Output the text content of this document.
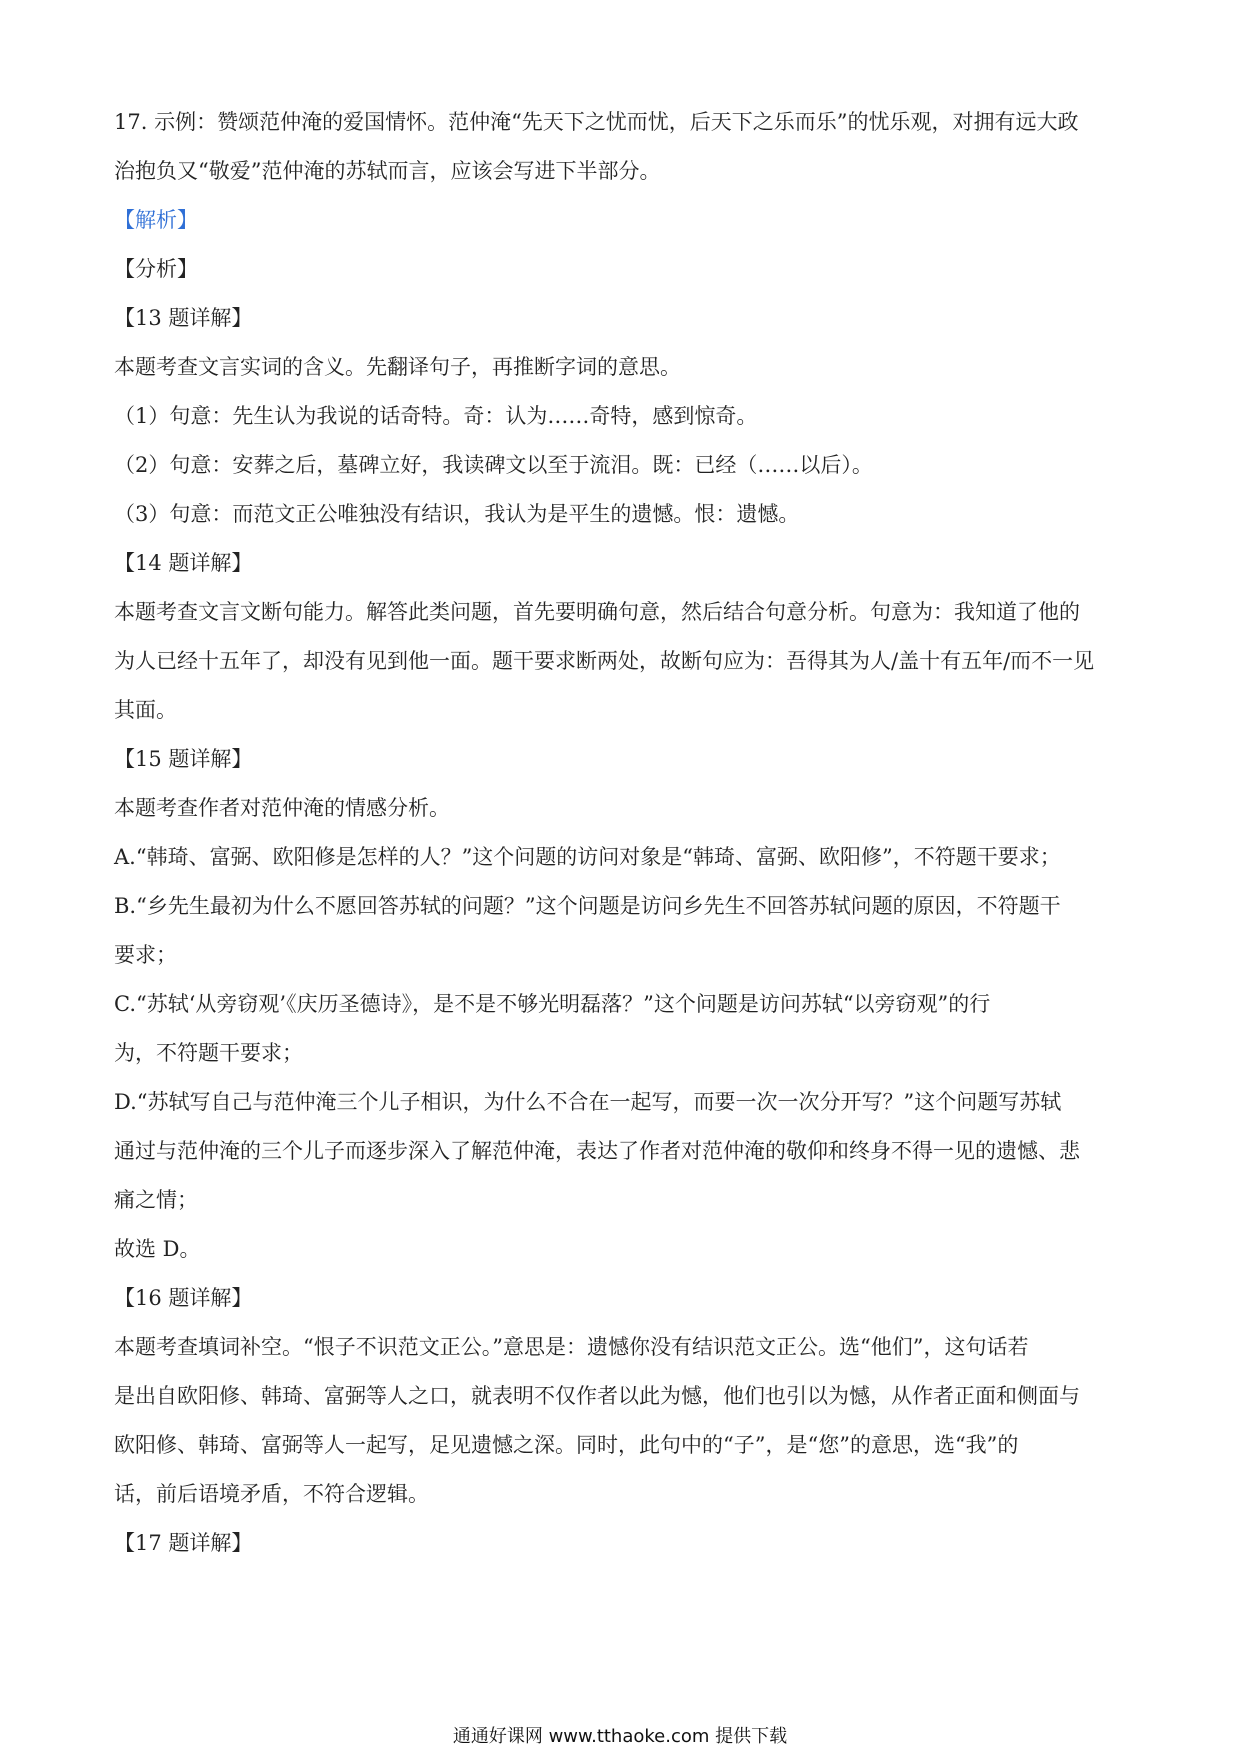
17. 示例：赞颂范仲淹的爱国情怀。范仲淹“先天下之忧而忧，后天下之乐而乐”的忧乐观，对拥有远大政
治抱负又“敬爱”范仲淹的苏轼而言，应该会写进下半部分。
【解析】
【分析】
【13 题详解】
本题考查文言实词的含义。先翻译句子，再推断字词的意思。
（1）句意：先生认为我说的话奇特。奇：认为……奇特，感到惊奇。
（2）句意：安葬之后，墓碑立好，我读碑文以至于流泪。既：已经（……以后）。
（3）句意：而范文正公唯独没有结识，我认为是平生的遗憾。恨：遗憾。
【14 题详解】
本题考查文言文断句能力。解答此类问题，首先要明确句意，然后结合句意分析。句意为：我知道了他的
为人已经十五年了，却没有见到他一面。题干要求断两处，故断句应为：吾得其为人/盖十有五年/而不一见
其面。
【15 题详解】
本题考查作者对范仲淹的情感分析。
A.“韩琦、富弼、欧阳修是怎样的人？”这个问题的访问对象是“韩琦、富弼、欧阳修”，不符题干要求；
B.“乡先生最初为什么不愿回答苏轼的问题？”这个问题是访问乡先生不回答苏轼问题的原因，不符题干
要求；
C.“苏轼‘从旁窃观’《庆历圣德诗》，是不是不够光明磊落？”这个问题是访问苏轼“以旁窃观”的行
为，不符题干要求；
D.“苏轼写自己与范仲淹三个儿子相识，为什么不合在一起写，而要一次一次分开写？”这个问题写苏轼
通过与范仲淹的三个儿子而逐步深入了解范仲淹，表达了作者对范仲淹的敬仰和终身不得一见的遗憾、悲
痛之情；
故选 D。
【16 题详解】
本题考查填词补空。“恨子不识范文正公。”意思是：遗憾你没有结识范文正公。选“他们”，这句话若
是出自欧阳修、韩琦、富弼等人之口，就表明不仅作者以此为憾，他们也引以为憾，从作者正面和侧面与
欧阳修、韩琦、富弼等人一起写，足见遗憾之深。同时，此句中的“子”，是“您”的意思，选“我”的
话，前后语境矛盾，不符合逻辑。
【17 题详解】
通通好课网 www.tthaoke.com 提供下载
